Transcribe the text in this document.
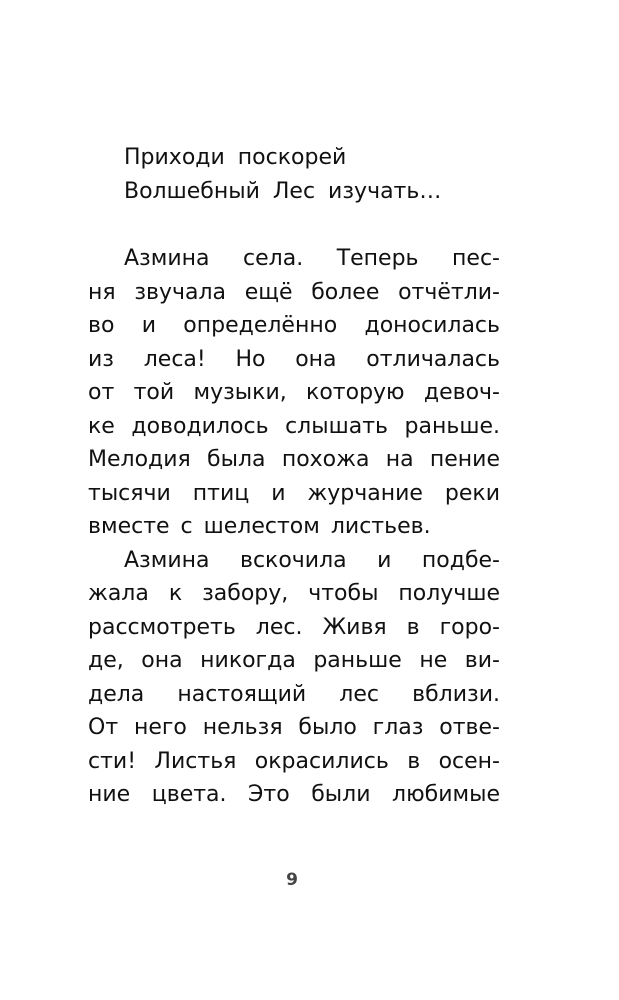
Приходи поскорей
Волшебный Лес изучать…
Азмина села. Теперь пес-
ня звучала ещё более отчётли-
во и определённо доносилась
из леса! Но она отличалась
от той музыки, которую девоч-
ке доводилось слышать раньше.
Мелодия была похожа на пение
тысячи птиц и журчание реки
вместе с шелестом листьев.
Азмина вскочила и подбе-
жала к забору, чтобы получше
рассмотреть лес. Живя в горо-
де, она никогда раньше не ви-
дела настоящий лес вблизи.
От него нельзя было глаз отве-
сти! Листья окрасились в осен-
ние цвета. Это были любимые
9
